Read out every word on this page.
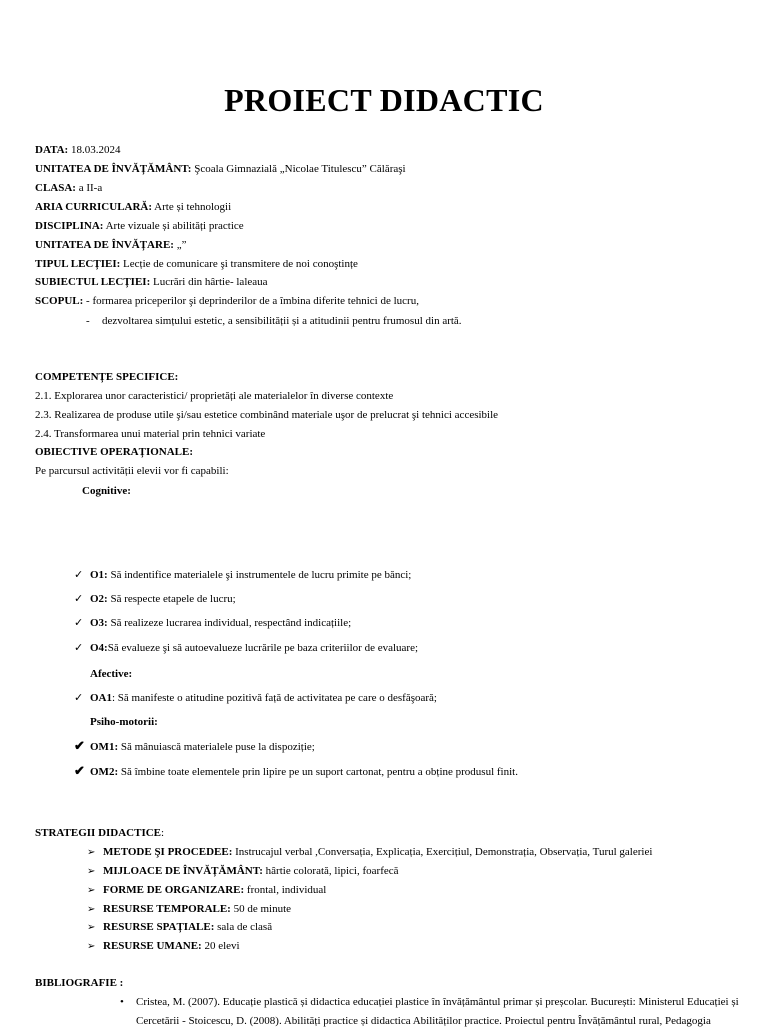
PROIECT DIDACTIC
DATA: 18.03.2024
UNITATEA DE ÎNVĂȚĂMÂNT: Şcoala Gimnazială „Nicolae Titulescu” Călăraşi
CLASA: a II-a
ARIA CURRICULARĂ: Arte și tehnologii
DISCIPLINA: Arte vizuale și abilități practice
UNITATEA DE ÎNVĂȚARE: „”
TIPUL LECȚIEI: Lecție de comunicare şi transmitere de noi conoştințe
SUBIECTUL LECȚIEI: Lucrări din hârtie- laleaua
SCOPUL: - formarea priceperilor şi deprinderilor de a îmbina diferite tehnici de lucru,
- dezvoltarea simțului estetic, a sensibilității și a atitudinii pentru frumosul din artă.
COMPETENȚE SPECIFICE:
2.1. Explorarea unor caracteristici/ proprietăți ale materialelor în diverse contexte
2.3. Realizarea de produse utile şi/sau estetice combinând materiale uşor de prelucrat şi tehnici accesibile
2.4. Transformarea unui material prin tehnici variate
OBIECTIVE OPERAȚIONALE:
Pe parcursul activității elevii vor fi capabili:
Cognitive:
✓ O1: Să indentifice materialele şi instrumentele de lucru primite pe bănci;
✓ O2: Să respecte etapele de lucru;
✓ O3: Să realizeze lucrarea individual, respectând indicațiile;
✓ O4:Să evalueze şi să autoevalueze lucrările pe baza criteriilor de evaluare;
Afective:
✓ OA1: Să manifeste o atitudine pozitivă față de activitatea pe care o desfăşoară;
Psiho-motorii:
✔ OM1: Să mânuiască materialele puse la dispoziție;
✔ OM2: Să îmbine toate elementele prin lipire pe un suport cartonat, pentru a obține produsul finit.
STRATEGII DIDACTICE:
➢ METODE ŞI PROCEDEE: Instrucajul verbal ,Conversația, Explicația, Exercițiul, Demonstrația, Observația, Turul galeriei
➢ MIJLOACE DE ÎNVĂȚĂMÂNT: hârtie colorată, lipici, foarfecă
➢ FORME DE ORGANIZARE: frontal, individual
➢ RESURSE TEMPORALE: 50 de minute
➢ RESURSE SPAȚIALE: sala de clasă
➢ RESURSE UMANE: 20 elevi
BIBLIOGRAFIE :
• Cristea, M. (2007). Educație plastică și didactica educației plastice în învățământul primar și preșcolar. București: Ministerul Educației și
Cercetării - Stoicescu, D. (2008). Abilități practice și didactica Abilităților practice. Proiectul pentru Învățământul rural, Pedagogia
